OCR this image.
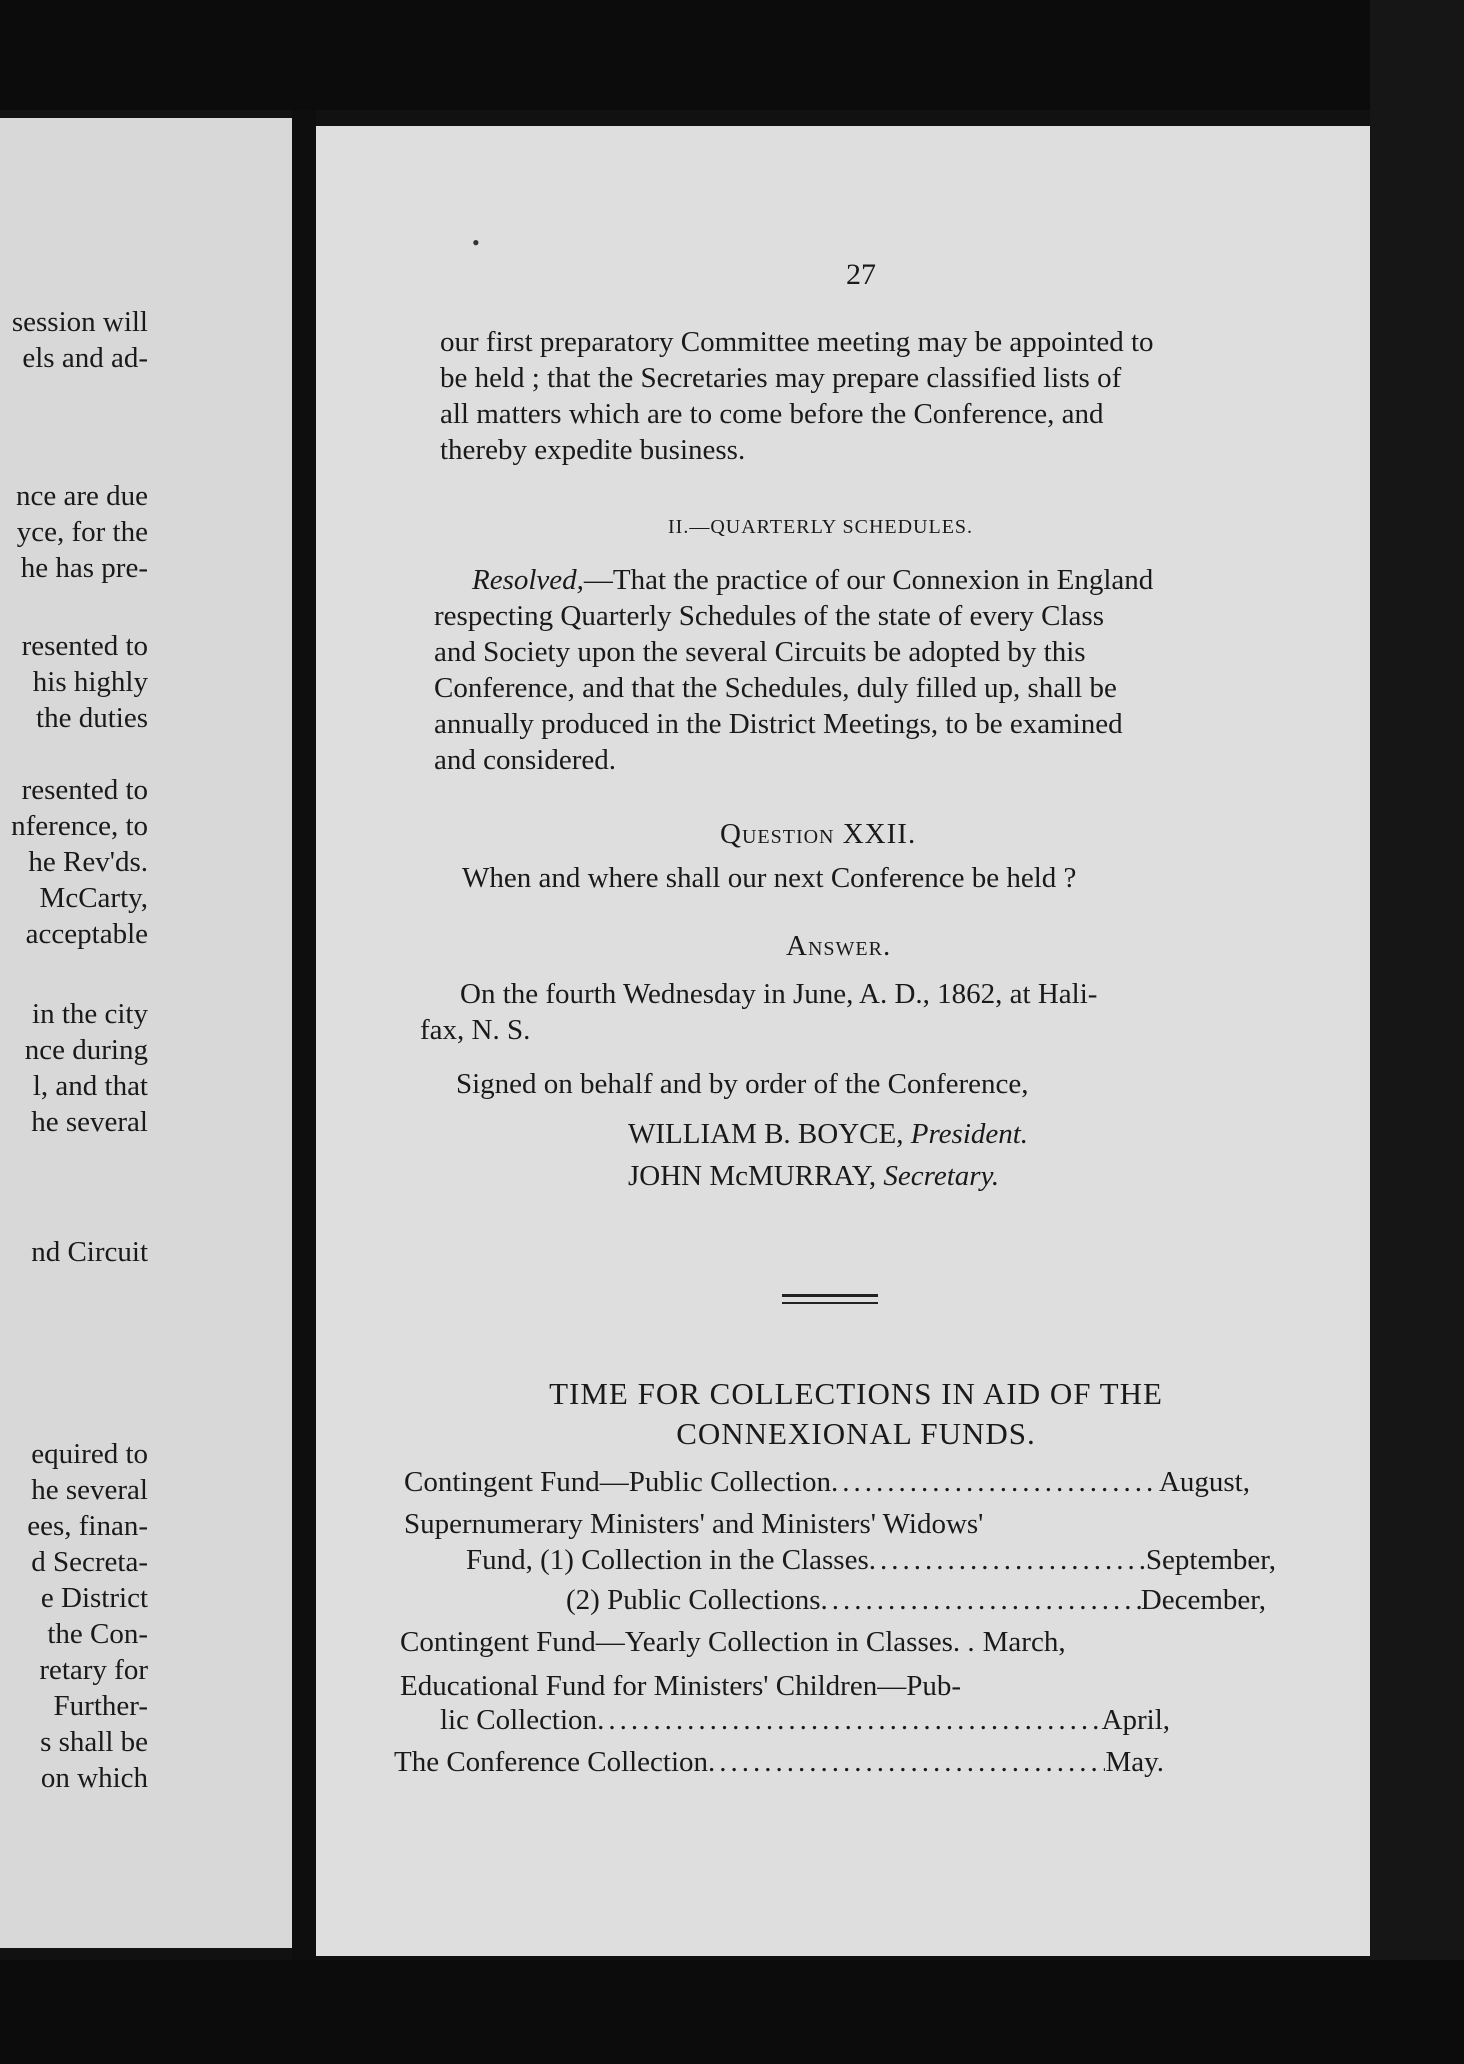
session will
els and ad-
nce are due
yce, for the
he has pre-
resented to
his highly
the duties
resented to
nference, to
he Rev'ds.
McCarty,
acceptable
in the city
nce during
l, and that
he several
nd Circuit
equired to
he several
ees, finan-
d Secreta-
e District
the Con-
retary for
Further-
s shall be
on which
•
27
our first preparatory Committee meeting may be appointed to
be held ; that the Secretaries may prepare classified lists of
all matters which are to come before the Conference, and
thereby expedite business.
II.—QUARTERLY SCHEDULES.
Resolved,—That the practice of our Connexion in England
respecting Quarterly Schedules of the state of every Class
and Society upon the several Circuits be adopted by this
Conference, and that the Schedules, duly filled up, shall be
annually produced in the District Meetings, to be examined
and considered.
Question XXII.
When and where shall our next Conference be held ?
Answer.
On the fourth Wednesday in June, A. D., 1862, at Hali-
fax, N. S.
Signed on behalf and by order of the Conference,
WILLIAM B. BOYCE, President.
JOHN McMURRAY, Secretary.
TIME FOR COLLECTIONS IN AID OF THE
CONNEXIONAL FUNDS.
Contingent Fund—Public Collection .....	August,
Supernumerary Ministers' and Ministers' Widows'
Fund, (1) Collection in the Classes .....	September,
(2) Public Collections .....	December,
Contingent Fund—Yearly Collection in Classes. . March,
Educational Fund for Ministers' Children—Pub-
lic Collection .....	April,
The Conference Collection .....	May.
